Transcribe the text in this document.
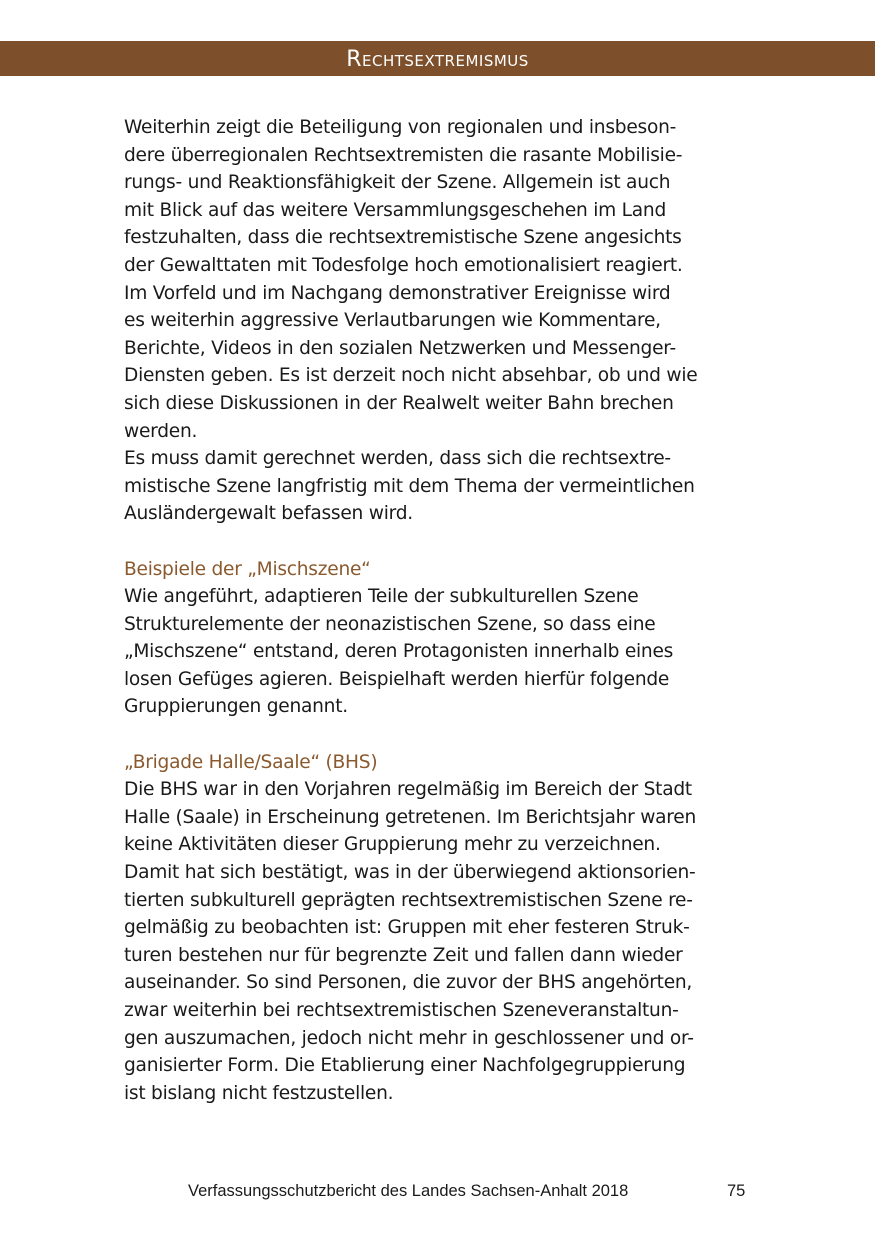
Rechtsextremismus

Weiterhin zeigt die Beteiligung von regionalen und insbeson-

dere überregionalen Rechtsextremisten die rasante Mobilisie-

rungs- und Reaktionsfähigkeit der Szene. Allgemein ist auch

mit Blick auf das weitere Versammlungsgeschehen im Land

festzuhalten, dass die rechtsextremistische Szene angesichts

der Gewalttaten mit Todesfolge hoch emotionalisiert reagiert.

Im Vorfeld und im Nachgang demonstrativer Ereignisse wird

es weiterhin aggressive Verlautbarungen wie Kommentare,

Berichte, Videos in den sozialen Netzwerken und Messenger-

Diensten geben. Es ist derzeit noch nicht absehbar, ob und wie

sich diese Diskussionen in der Realwelt weiter Bahn brechen

werden.

Es muss damit gerechnet werden, dass sich die rechtsextre-

mistische Szene langfristig mit dem Thema der vermeintlichen

Ausländergewalt befassen wird.

Beispiele der „Mischszene“

Wie angeführt, adaptieren Teile der subkulturellen Szene

Strukturelemente der neonazistischen Szene, so dass eine

„Mischszene“ entstand, deren Protagonisten innerhalb eines

losen Gefüges agieren. Beispielhaft werden hierfür folgende

Gruppierungen genannt.

„Brigade Halle/Saale“ (BHS)

Die BHS war in den Vorjahren regelmäßig im Bereich der Stadt

Halle (Saale) in Erscheinung getretenen. Im Berichtsjahr waren

keine Aktivitäten dieser Gruppierung mehr zu verzeichnen.

Damit hat sich bestätigt, was in der überwiegend aktionsorien-

tierten subkulturell geprägten rechtsextremistischen Szene re-

gelmäßig zu beobachten ist: Gruppen mit eher festeren Struk-

turen bestehen nur für begrenzte Zeit und fallen dann wieder

auseinander. So sind Personen, die zuvor der BHS angehörten,

zwar weiterhin bei rechtsextremistischen Szeneveranstaltun-

gen auszumachen, jedoch nicht mehr in geschlossener und or-

ganisierter Form. Die Etablierung einer Nachfolgegruppierung

ist bislang nicht festzustellen.

Verfassungsschutzbericht des Landes Sachsen-Anhalt 2018	75
